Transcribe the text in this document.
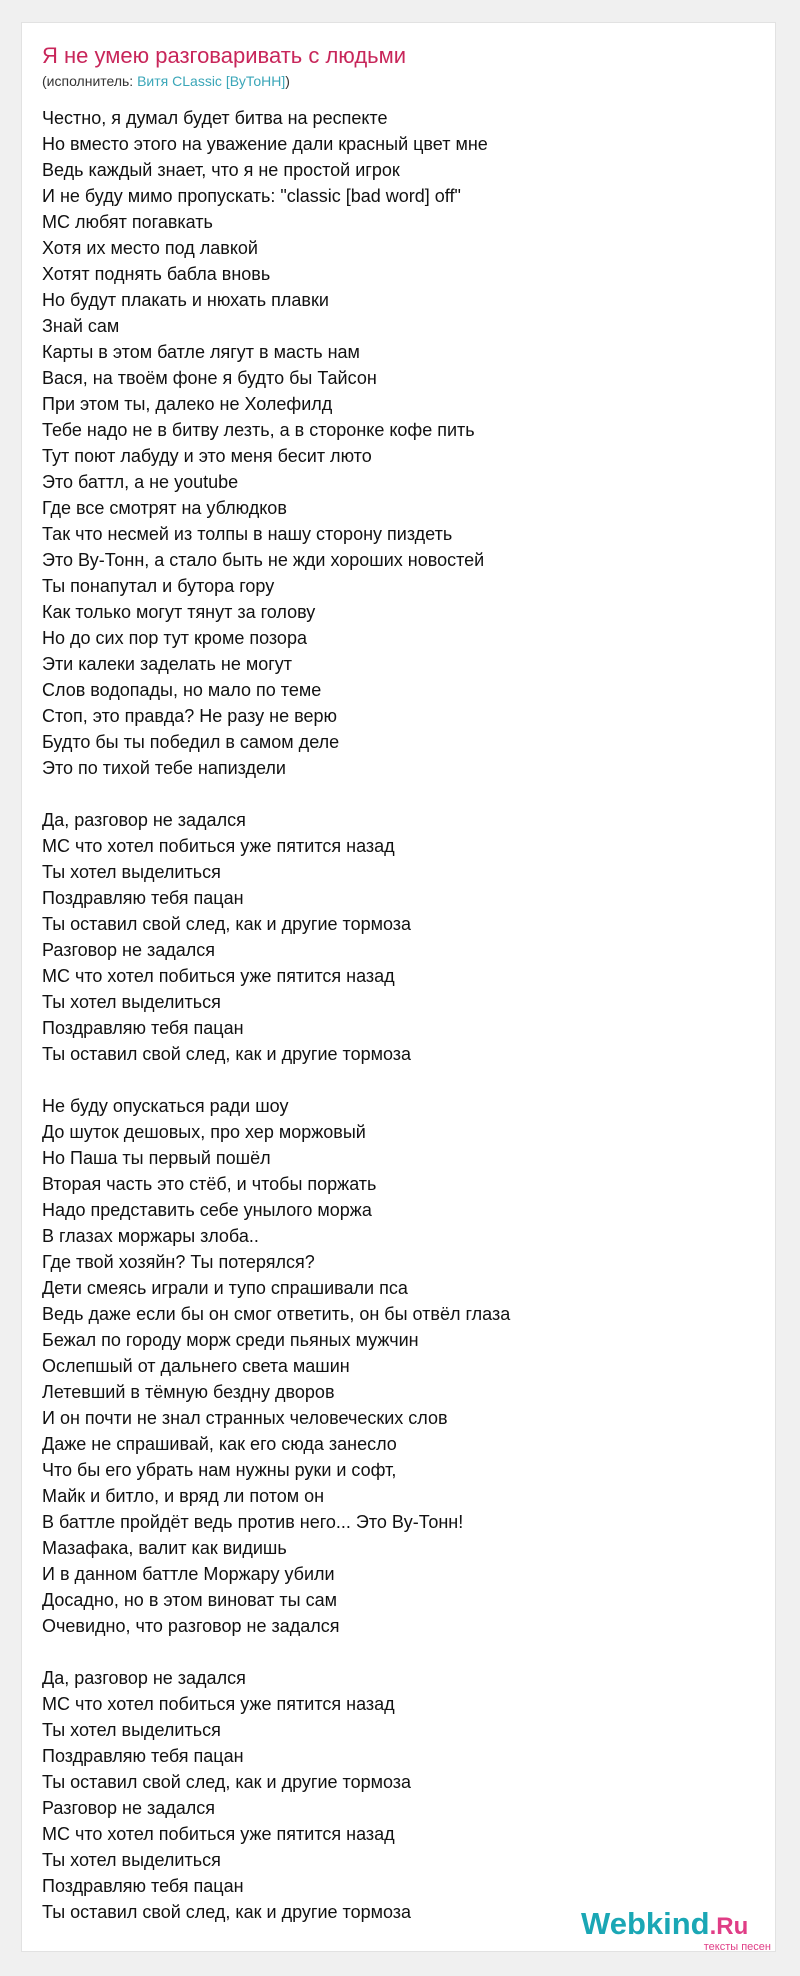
Я не умею разговаривать с людьми
(исполнитель: Витя CLassic [ВуТоНН])
Честно, я думал будет битва на респекте
Но вместо этого на уважение дали красный цвет мне
Ведь каждый знает, что я не простой игрок
И не буду мимо пропускать: "classic [bad word] off"
МС любят погавкать
Хотя их место под лавкой
Хотят поднять бабла вновь
Но будут плакать и нюхать плавки
Знай сам
Карты в этом батле лягут в масть нам
Вася, на твоём фоне я будто бы Тайсон
При этом ты, далеко не Холефилд
Тебе надо не в битву лезть, а в сторонке кофе пить
Тут поют лабуду и это меня бесит люто
Это баттл, а не youtube
Где все смотрят на ублюдков
Так что несмей из толпы в нашу сторону пиздеть
Это Ву-Тонн, а стало быть не жди хороших новостей
Ты понапутал и бутора гору
Как только могут тянут за голову
Но до сих пор тут кроме позора
Эти калеки заделать не могут
Слов водопады, но мало по теме
Стоп, это правда? Не разу не верю
Будто бы ты победил в самом деле
Это по тихой тебе напиздели
Да, разговор не задался
МС что хотел побиться уже пятится назад
Ты хотел выделиться
Поздравляю тебя пацан
Ты оставил свой след, как и другие тормоза
Разговор не задался
МС что хотел побиться уже пятится назад
Ты хотел выделиться
Поздравляю тебя пацан
Ты оставил свой след, как и другие тормоза
Не буду опускаться ради шоу
До шуток дешовых, про хер моржовый
Но Паша ты первый пошёл
Вторая часть это стёб, и чтобы поржать
Надо представить себе унылого моржа
В глазах моржары злоба..
Где твой хозяйн? Ты потерялся?
Дети смеясь играли и тупо спрашивали пса
Ведь даже если бы он смог ответить, он бы отвёл глаза
Бежал по городу морж среди пьяных мужчин
Ослепшый от дальнего света машин
Летевший в тёмную бездну дворов
И он почти не знал странных человеческих слов
Даже не спрашивай, как его сюда занесло
Что бы его убрать нам нужны руки и софт,
Майк и битло, и вряд ли потом он
В баттле пройдёт ведь против него... Это Ву-Тонн!
Мазафака, валит как видишь
И в данном баттле Моржару убили
Досадно, но в этом виноват ты сам
Очевидно, что разговор не задался
Да, разговор не задался
МС что хотел побиться уже пятится назад
Ты хотел выделиться
Поздравляю тебя пацан
Ты оставил свой след, как и другие тормоза
Разговор не задался
МС что хотел побиться уже пятится назад
Ты хотел выделиться
Поздравляю тебя пацан
Ты оставил свой след, как и другие тормоза	Webkind.Ru
тексты песен
